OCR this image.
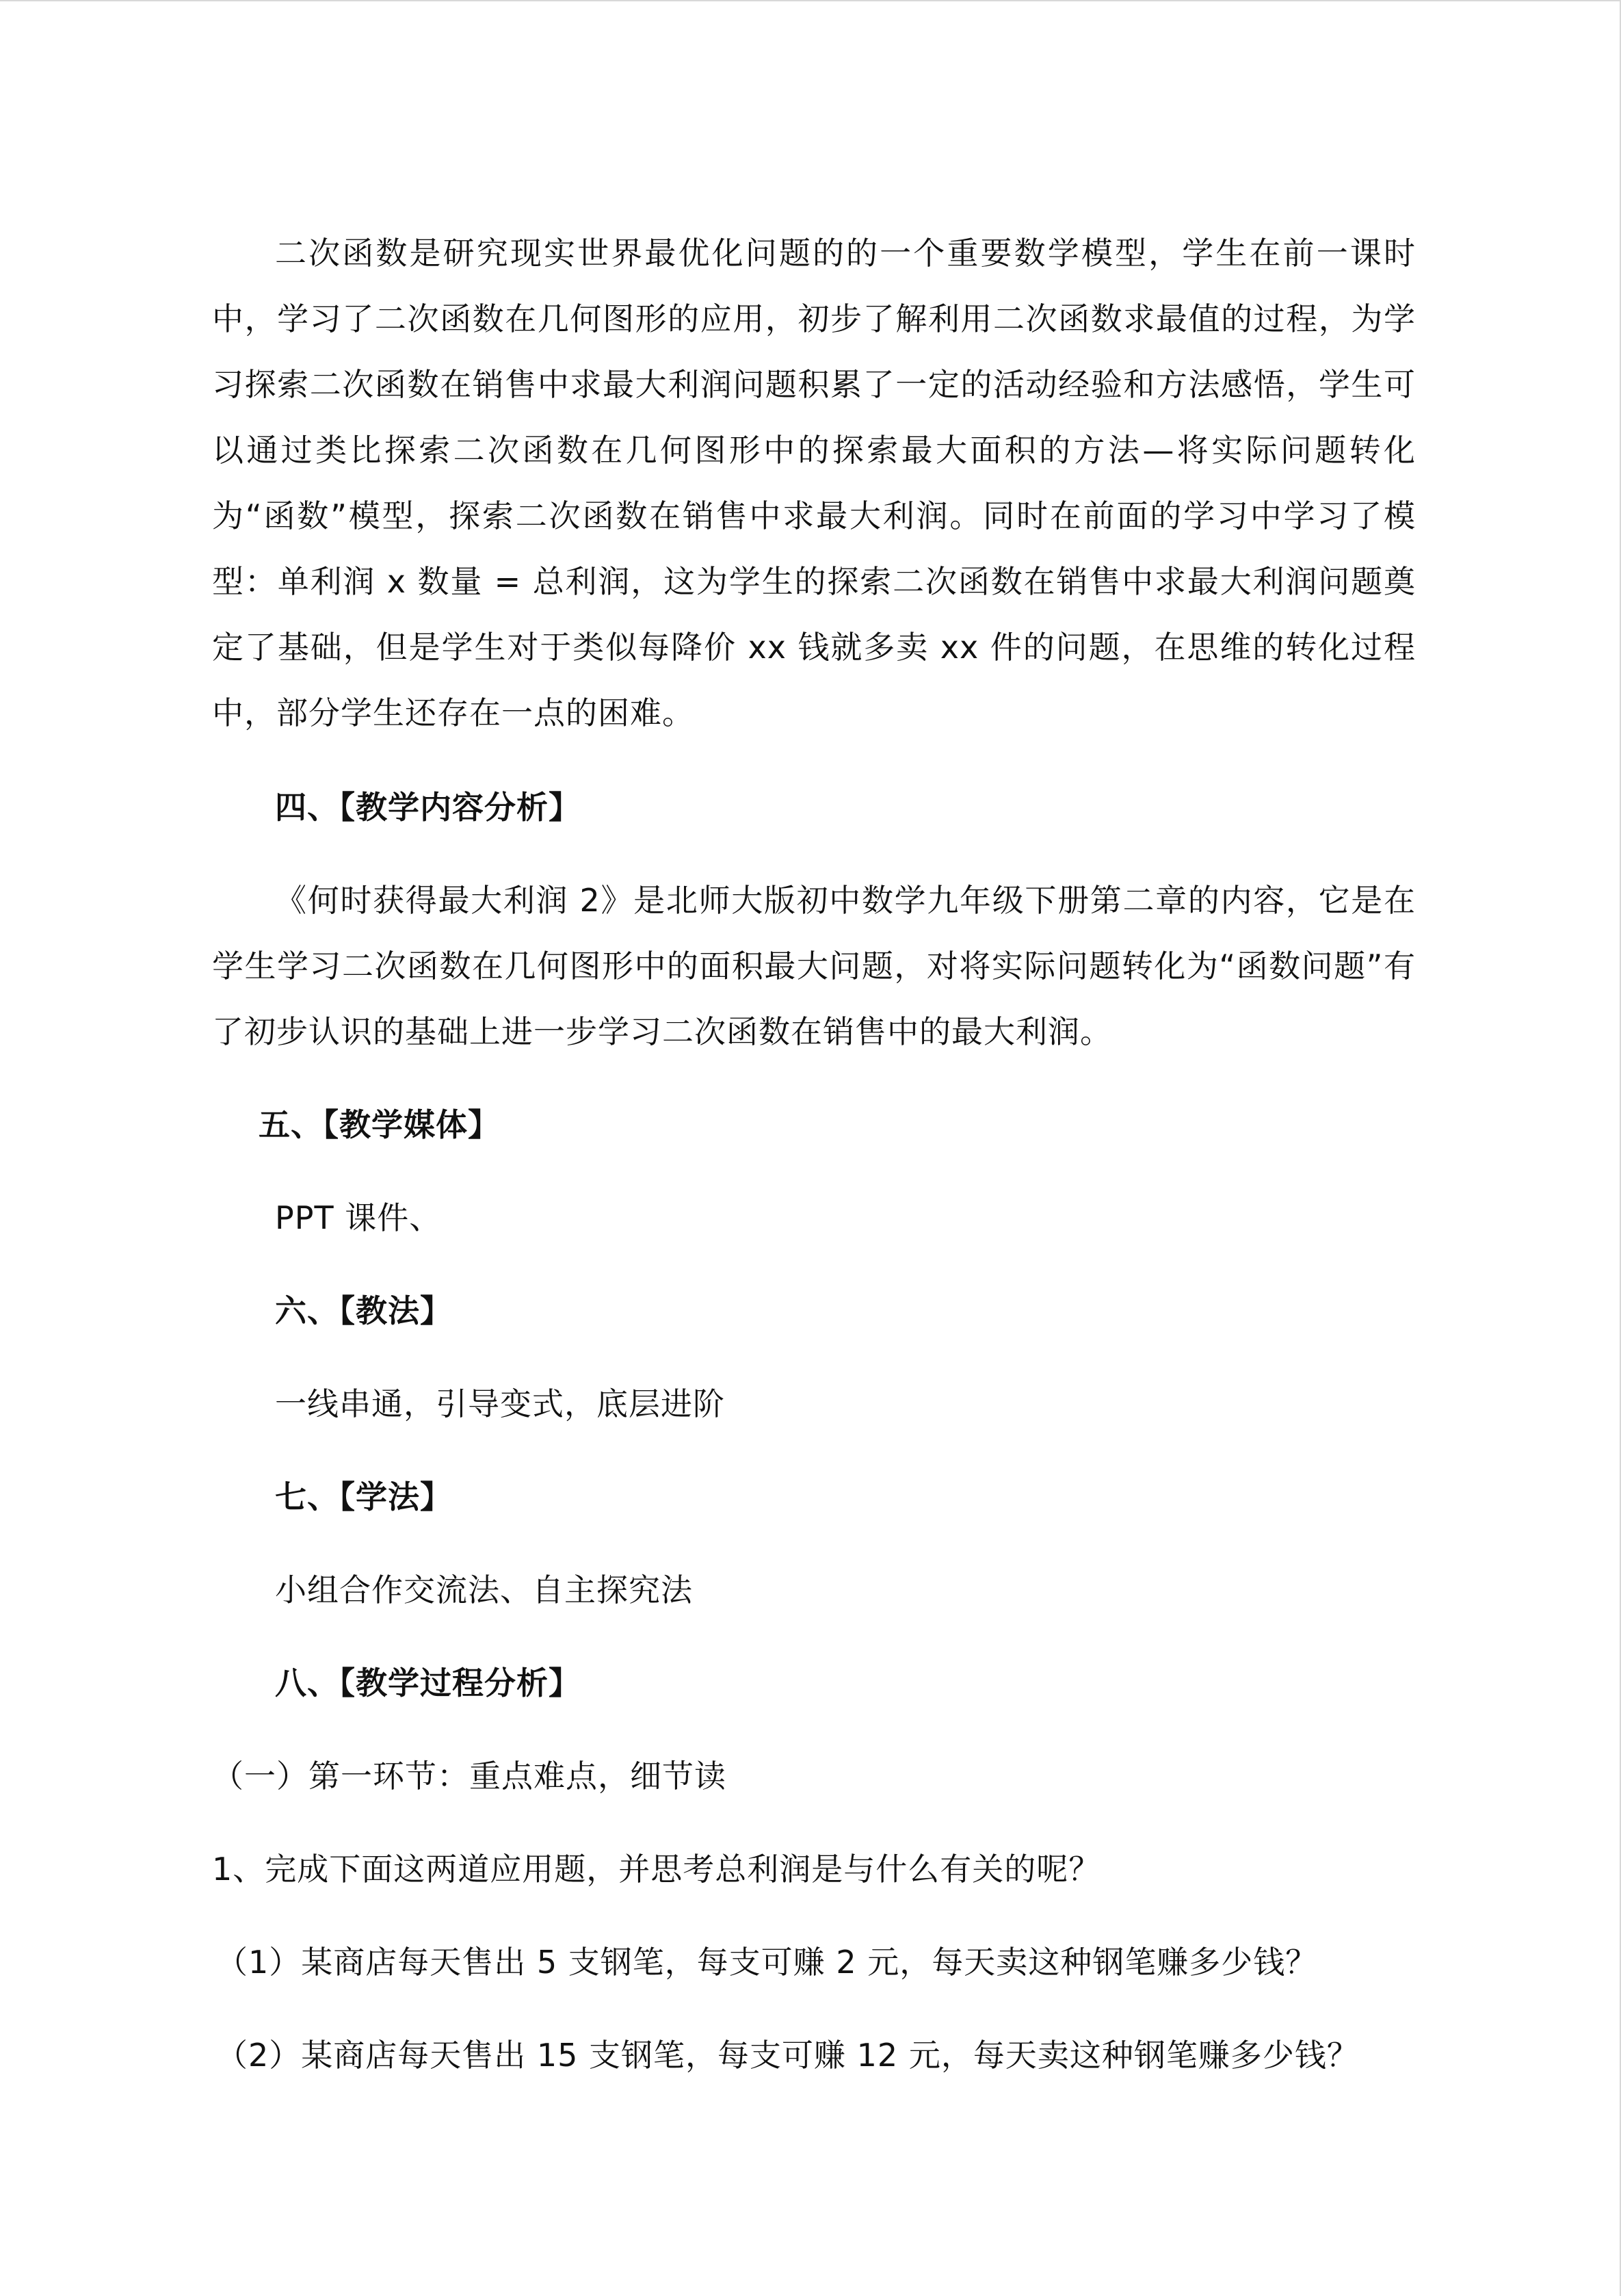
二次函数是研究现实世界最优化问题的的一个重要数学模型，学生在前一课时中，学习了二次函数在几何图形的应用，初步了解利用二次函数求最值的过程，为学习探索二次函数在销售中求最大利润问题积累了一定的活动经验和方法感悟，学生可以通过类比探索二次函数在几何图形中的探索最大面积的方法—将实际问题转化为“函数”模型，探索二次函数在销售中求最大利润。同时在前面的学习中学习了模型：单利润 x 数量 = 总利润，这为学生的探索二次函数在销售中求最大利润问题奠定了基础，但是学生对于类似每降价 xx 钱就多卖 xx 件的问题，在思维的转化过程中，部分学生还存在一点的困难。

四、【教学内容分析】

《何时获得最大利润 2》是北师大版初中数学九年级下册第二章的内容，它是在学生学习二次函数在几何图形中的面积最大问题，对将实际问题转化为“函数问题”有了初步认识的基础上进一步学习二次函数在销售中的最大利润。

五、【教学媒体】

PPT 课件、

六、【教法】

一线串通，引导变式，底层进阶

七、【学法】

小组合作交流法、自主探究法

八、【教学过程分析】

（一）第一环节：重点难点，细节读

1、完成下面这两道应用题，并思考总利润是与什么有关的呢？

（1）某商店每天售出 5 支钢笔，每支可赚 2 元，每天卖这种钢笔赚多少钱？

（2）某商店每天售出 15 支钢笔，每支可赚 12 元，每天卖这种钢笔赚多少钱？
